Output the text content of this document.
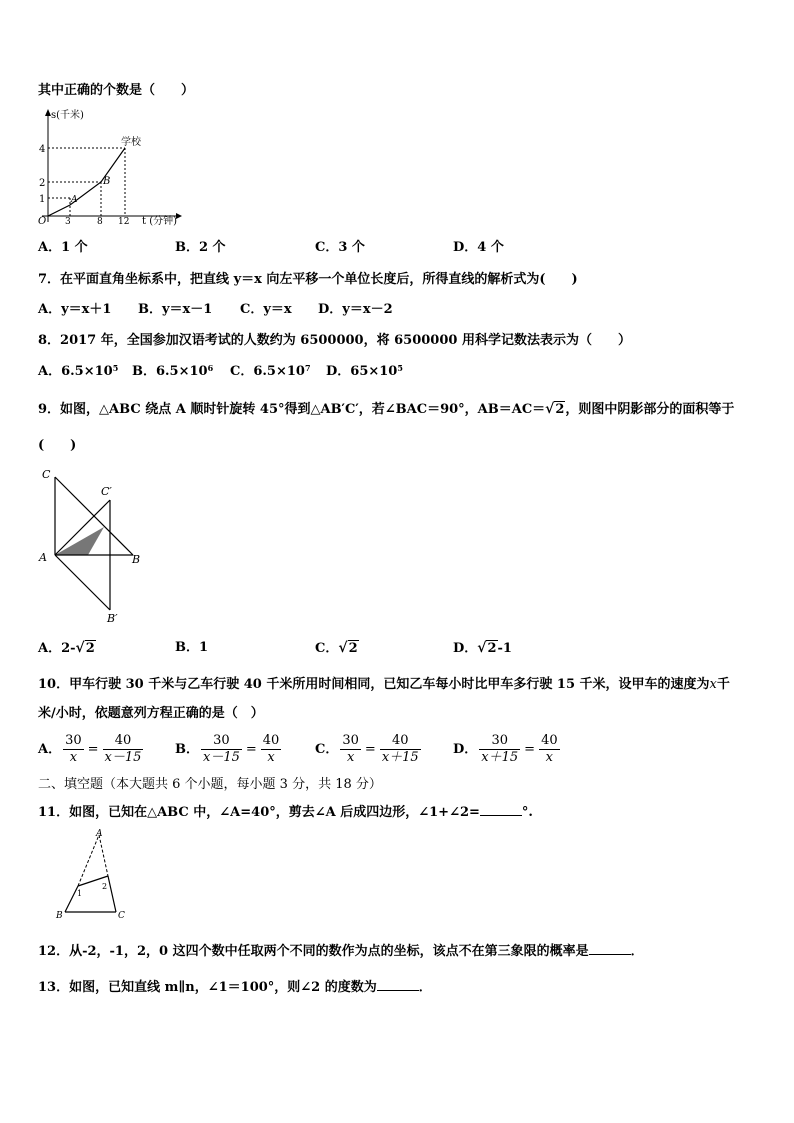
其中正确的个数是（　　）
s(千米)
t (分钟)
O
4
2
1
3	8 12
A
B
学校
A．1 个	B．2 个	C．3 个	D．4 个
7．在平面直角坐标系中，把直线 y＝x 向左平移一个单位长度后，所得直线的解析式为(　　)
A．y＝x＋1 B．y＝x－1 C．y＝x D．y＝x－2
8．2017 年，全国参加汉语考试的人数约为 6500000，将 6500000 用科学记数法表示为（　　）
A．$6.5\times 10^5$ B．$6.5\times 10^6$ C．$6.5\times 10^7$ D．$65\times 10^5$
9．如图，△ABC 绕点 A 顺时针旋转 45°得到△AB′C′，若∠BAC＝90°，AB＝AC＝√2，则图中阴影部分的面积等于
(　　)
C
C′
A	B
B′
A．2-√2	B．1	C．√2	D．√2-1
10．甲车行驶 30 千米与乙车行驶 40 千米所用时间相同，已知乙车每小时比甲车多行驶 15 千米，设甲车的速度为x千
米/小时，依题意列方程正确的是（　）
A． $\frac{30}{x} = \frac{40}{x-15}$ B． $\frac{30}{x-15} = \frac{40}{x}$	C． $\frac{30}{x} = \frac{40}{x+15}$ D． $\frac{30}{x+15} = \frac{40}{x}$
二、填空题（本大题共 6 个小题，每小题 3 分，共 18 分）
11．如图，已知在△ABC 中，∠A=40°，剪去∠A 后成四边形，∠1+∠2=	°.
A
B	C
1
2
12．从-2，-1，2，0 这四个数中任取两个不同的数作为点的坐标，该点不在第三象限的概率是	．
13．如图，已知直线 m∥n，∠1＝100°，则∠2 的度数为	．
